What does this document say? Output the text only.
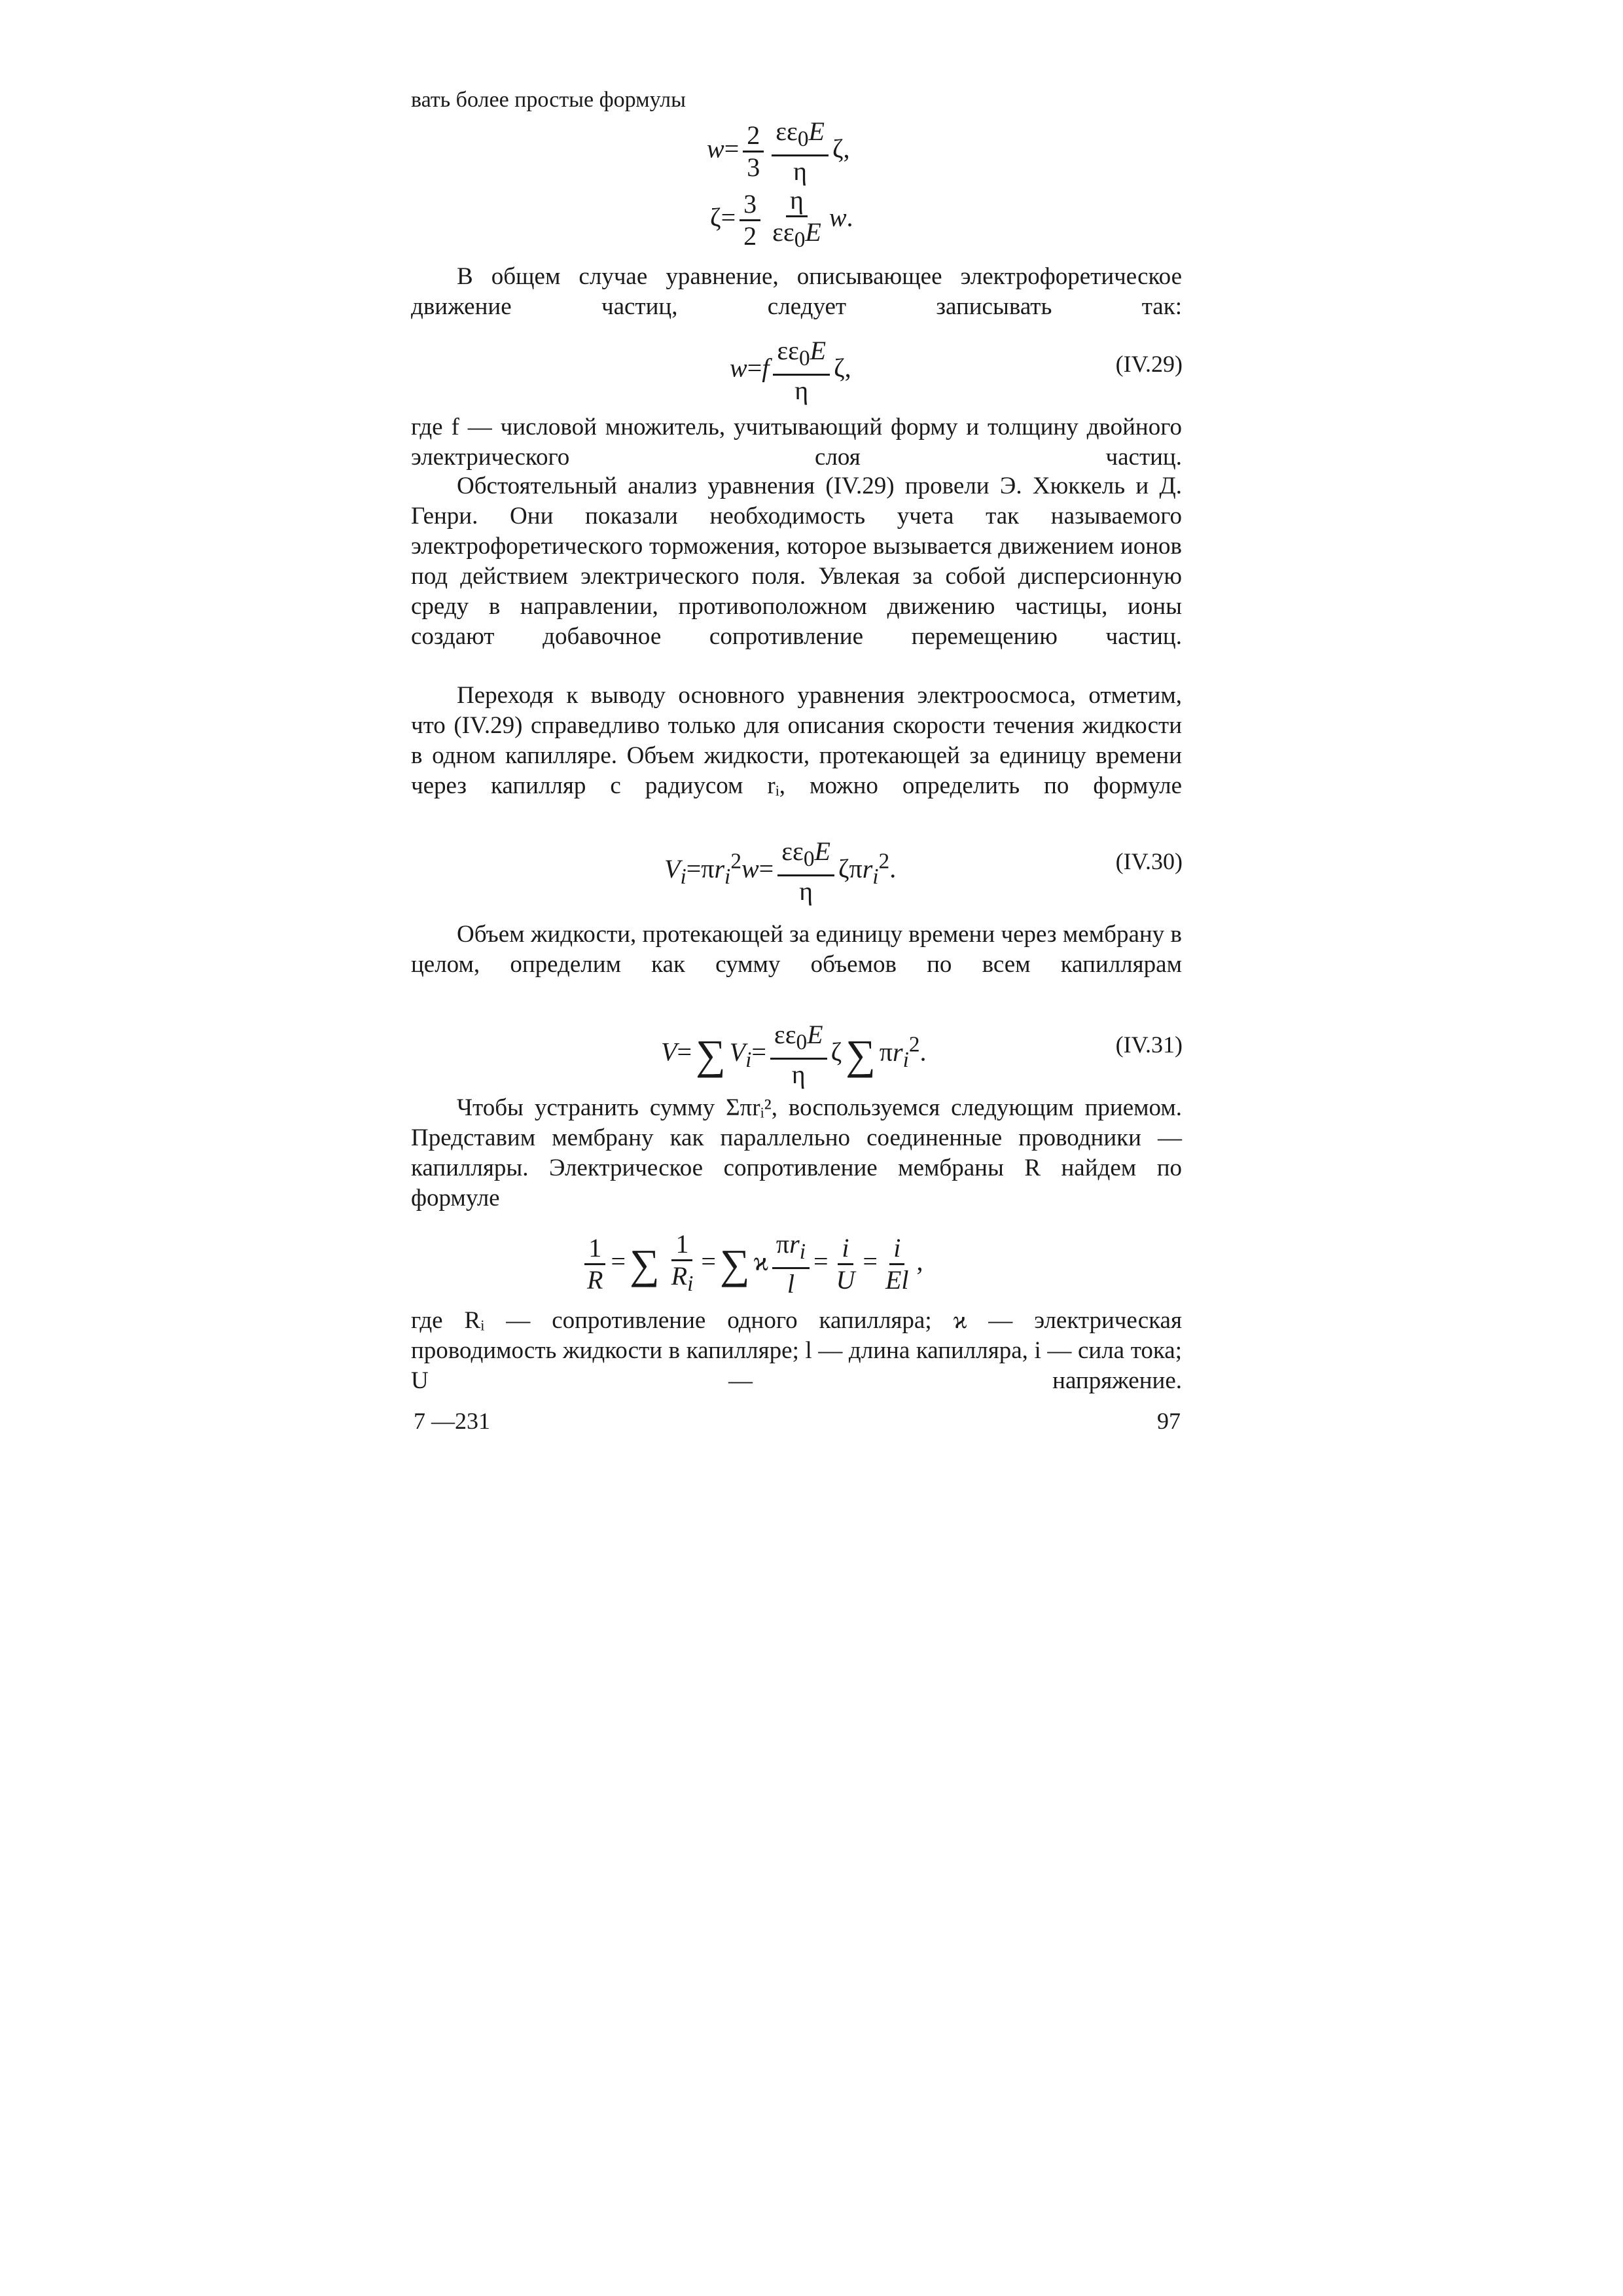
вать более простые формулы
$w= \frac{2}{3} \frac{\varepsilon\varepsilon_0E}{\eta} \zeta$,
$\zeta= \frac{3}{2} \frac{\eta}{\varepsilon\varepsilon_0E} w$.
В общем случае уравнение, описывающее электрофоретическое движение частиц, следует записывать так:
$w=f \frac{\varepsilon\varepsilon_0E}{\eta} \zeta$,	(IV.29)
где f — числовой множитель, учитывающий форму и толщину двойного электрического слоя частиц.
Обстоятельный анализ уравнения (IV.29) провели Э. Хюккель и Д. Генри. Они показали необходимость учета так называемого электрофоретического торможения, которое вызывается движением ионов под действием электрического поля. Увлекая за собой дисперсионную среду в направлении, противоположном движению частицы, ионы создают добавочное сопротивление перемещению частиц.
Переходя к выводу основного уравнения электроосмоса, отметим, что (IV.29) справедливо только для описания скорости течения жидкости в одном капилляре. Объем жидкости, протекающей за единицу времени через капилляр с радиусом rᵢ, можно определить по формуле
$V_i=\pi r_i^2w= \frac{\varepsilon\varepsilon_0E}{\eta} \zeta\pi r_i^2$.	(IV.30)
Объем жидкости, протекающей за единицу времени через мембрану в целом, определим как сумму объемов по всем капиллярам
V=∑ $V_i= \frac{\varepsilon\varepsilon_0E}{\eta} \zeta\sum$ $\pi r_i^2$.	(IV.31)
Чтобы устранить сумму Σπrᵢ², воспользуемся следующим приемом. Представим мембрану как параллельно соединенные проводники — капилляры. Электрическое сопротивление мембраны R найдем по формуле
$\frac{1}{R}$ =∑ $\frac{1}{R_i}$ =∑ ϰ $\frac{\pi r_i}{l} = \frac{i}{U} = \frac{i}{El}$ ,
где Rᵢ — сопротивление одного капилляра; ϰ — электрическая проводимость жидкости в капилляре; l — длина капилляра, i — сила тока; U — напряжение.
7 —231	97
